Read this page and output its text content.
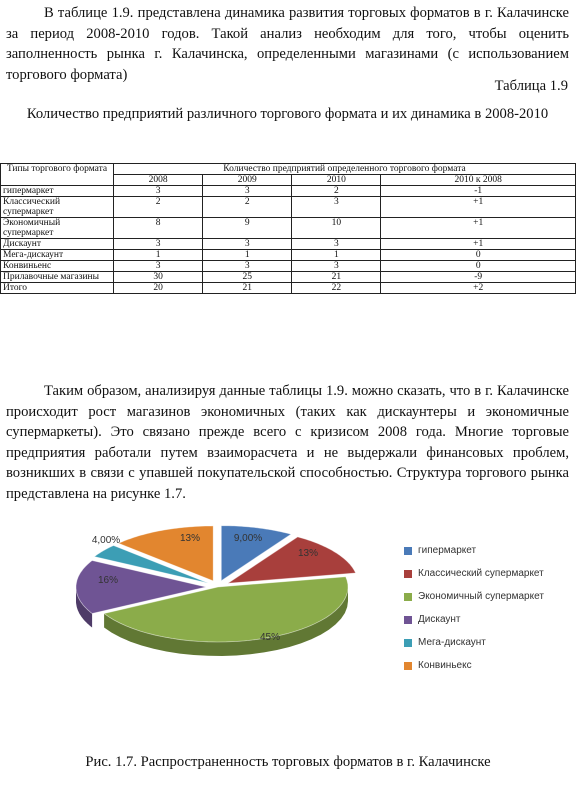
В таблице 1.9. представлена динамика развития торговых форматов в г. Калачинске за период 2008-2010 годов. Такой анализ необходим для того, чтобы оценить заполненность рынка г. Калачинска, определенными магазинами (с использованием торгового формата)

Таблица 1.9
Количество предприятий различного торгового формата и их динамика в 2008-2010
Типы торгового формата	Количество предприятий определенного торгового формата			
	2008	2009	2010	2010 к 2008
гипермаркет	3	3	2	-1
Классический супермаркет	2	2	3	+1
Экономичный супермаркет	8	9	10	+1
Дискаунт	3	3	3	+1
Мега-дискаунт	1	1	1	0
Конвиньенс	3	3	3	0
Прилавочные магазины	30	25	21	-9
Итого	20	21	22	+2

Таким образом, анализируя данные таблицы 1.9. можно сказать, что в г. Калачинске происходит рост магазинов экономичных (таких как дискаунтеры и экономичные супермаркеты). Это связано прежде всего с кризисом 2008 года. Многие торговые предприятия работали путем взаиморасчета и не выдержали финансовых проблем, возникших в связи с упавшей покупательской способностью. Структура торгового рынка представлена на рисунке 1.7.

9,00%
13%
45%
16%
4,00%	13%
гипермаркет
Классический супермаркет
Экономичный супермаркет
Дискаунт
Мега-дискаунт
Конвиньекс
Рис. 1.7. Распространенность торговых форматов в г. Калачинске
